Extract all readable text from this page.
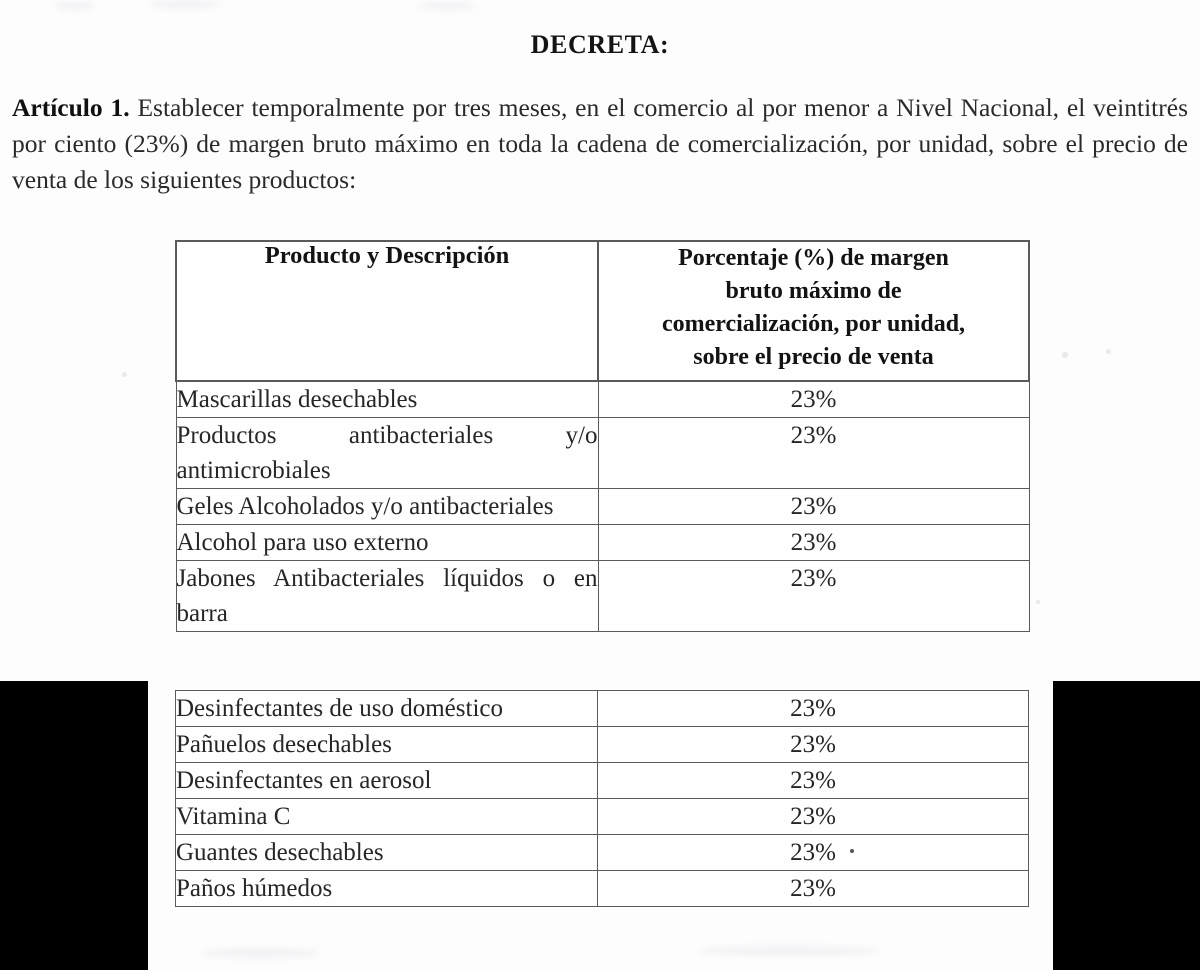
DECRETA:
Artículo 1. Establecer temporalmente por tres meses, en el comercio al por menor a Nivel Nacional, el veintitrés por ciento (23%) de margen bruto máximo en toda la cadena de comercialización, por unidad, sobre el precio de venta de los siguientes productos:
Producto y Descripción	Porcentaje (%) de margen
bruto máximo de
comercialización, por unidad,
sobre el precio de venta

Mascarillas desechables	23%
Productos antibacteriales y/o antimicrobiales	23%
Geles Alcoholados y/o antibacteriales	23%
Alcohol para uso externo	23%
Jabones Antibacteriales líquidos o en barra	23%
Desinfectantes de uso doméstico	23%
Pañuelos desechables	23%
Desinfectantes en aerosol	23%
Vitamina C	23%
Guantes desechables	23%

Paños húmedos	23%
